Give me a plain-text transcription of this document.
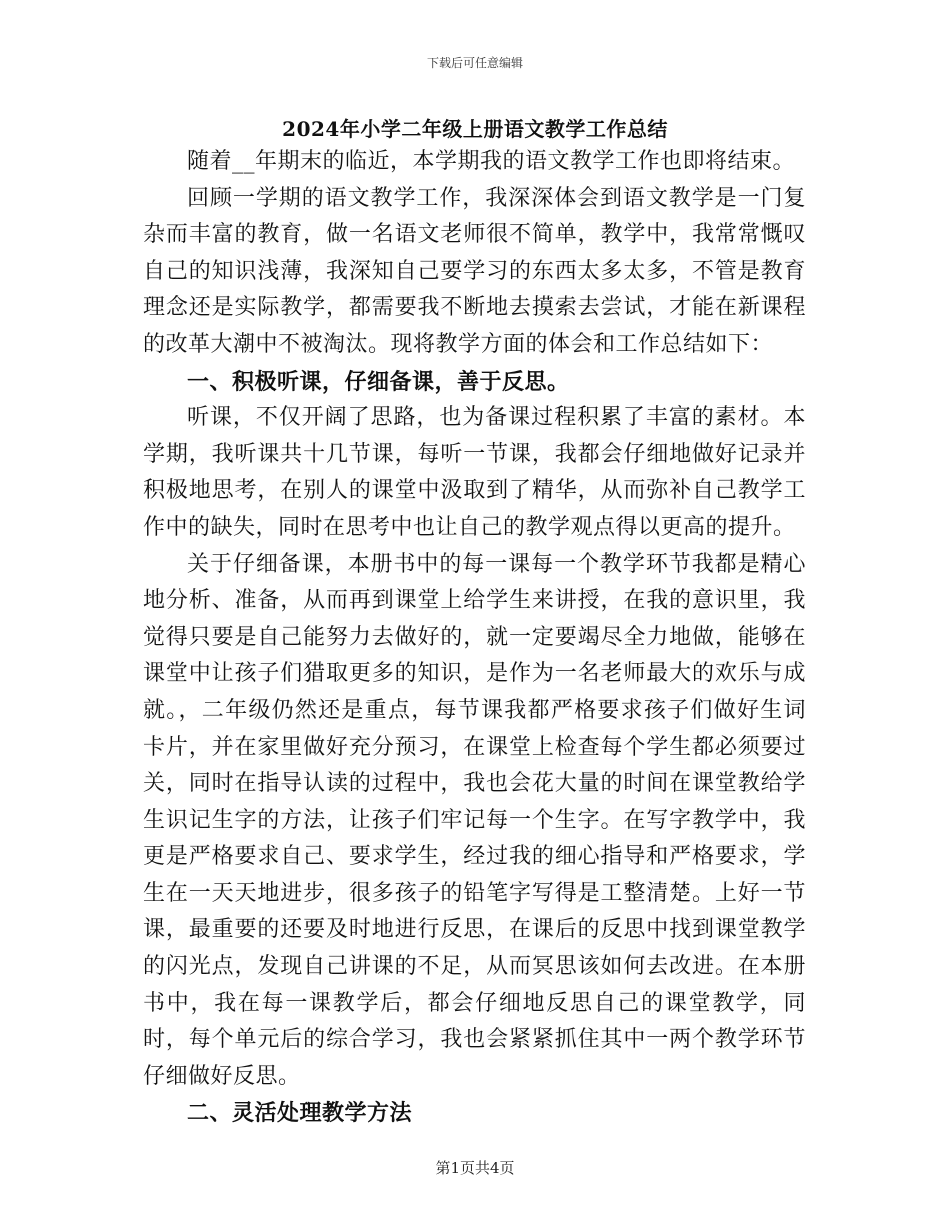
下载后可任意编辑
2024年小学二年级上册语文教学工作总结

随着__年期末的临近，本学期我的语文教学工作也即将结束。

回顾一学期的语文教学工作，我深深体会到语文教学是一门复杂而丰富的教育，做一名语文老师很不简单，教学中，我常常慨叹自己的知识浅薄，我深知自己要学习的东西太多太多，不管是教育理念还是实际教学，都需要我不断地去摸索去尝试，才能在新课程的改革大潮中不被淘汰。现将教学方面的体会和工作总结如下：

一、积极听课，仔细备课，善于反思。

听课，不仅开阔了思路，也为备课过程积累了丰富的素材。本学期，我听课共十几节课，每听一节课，我都会仔细地做好记录并积极地思考，在别人的课堂中汲取到了精华，从而弥补自己教学工作中的缺失，同时在思考中也让自己的教学观点得以更高的提升。

关于仔细备课，本册书中的每一课每一个教学环节我都是精心地分析、准备，从而再到课堂上给学生来讲授，在我的意识里，我觉得只要是自己能努力去做好的，就一定要竭尽全力地做，能够在课堂中让孩子们猎取更多的知识，是作为一名老师最大的欢乐与成就。，二年级仍然还是重点，每节课我都严格要求孩子们做好生词卡片，并在家里做好充分预习，在课堂上检查每个学生都必须要过关，同时在指导认读的过程中，我也会花大量的时间在课堂教给学生识记生字的方法，让孩子们牢记每一个生字。在写字教学中，我更是严格要求自己、要求学生，经过我的细心指导和严格要求，学生在一天天地进步，很多孩子的铅笔字写得是工整清楚。上好一节课，最重要的还要及时地进行反思，在课后的反思中找到课堂教学的闪光点，发现自己讲课的不足，从而冥思该如何去改进。在本册书中，我在每一课教学后，都会仔细地反思自己的课堂教学，同时，每个单元后的综合学习，我也会紧紧抓住其中一两个教学环节仔细做好反思。

二、灵活处理教学方法

第1页共4页
